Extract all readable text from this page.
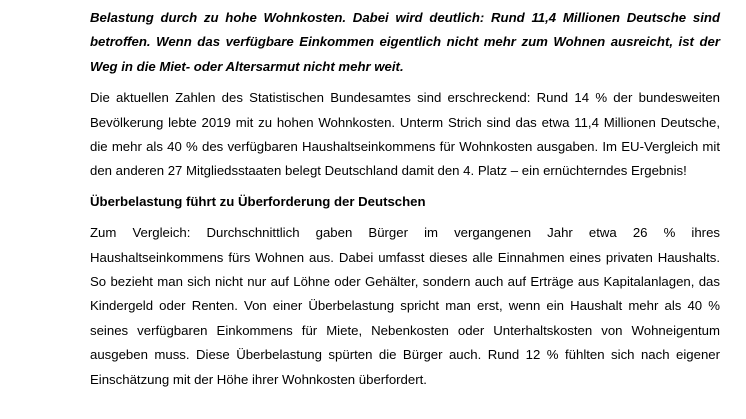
Belastung durch zu hohe Wohnkosten. Dabei wird deutlich: Rund 11,4 Millionen Deutsche sind betroffen. Wenn das verfügbare Einkommen eigentlich nicht mehr zum Wohnen ausreicht, ist der Weg in die Miet- oder Altersarmut nicht mehr weit.

Die aktuellen Zahlen des Statistischen Bundesamtes sind erschreckend: Rund 14 % der bundesweiten Bevölkerung lebte 2019 mit zu hohen Wohnkosten. Unterm Strich sind das etwa 11,4 Millionen Deutsche, die mehr als 40 % des verfügbaren Haushaltseinkommens für Wohnkosten ausgaben. Im EU-Vergleich mit den anderen 27 Mitgliedsstaaten belegt Deutschland damit den 4. Platz – ein ernüchterndes Ergebnis!

Überbelastung führt zu Überforderung der Deutschen

Zum Vergleich: Durchschnittlich gaben Bürger im vergangenen Jahr etwa 26 % ihres Haushaltseinkommens fürs Wohnen aus. Dabei umfasst dieses alle Einnahmen eines privaten Haushalts. So bezieht man sich nicht nur auf Löhne oder Gehälter, sondern auch auf Erträge aus Kapitalanlagen, das Kindergeld oder Renten. Von einer Überbelastung spricht man erst, wenn ein Haushalt mehr als 40 % seines verfügbaren Einkommens für Miete, Nebenkosten oder Unterhaltskosten von Wohneigentum ausgeben muss. Diese Überbelastung spürten die Bürger auch. Rund 12 % fühlten sich nach eigener Einschätzung mit der Höhe ihrer Wohnkosten überfordert.
